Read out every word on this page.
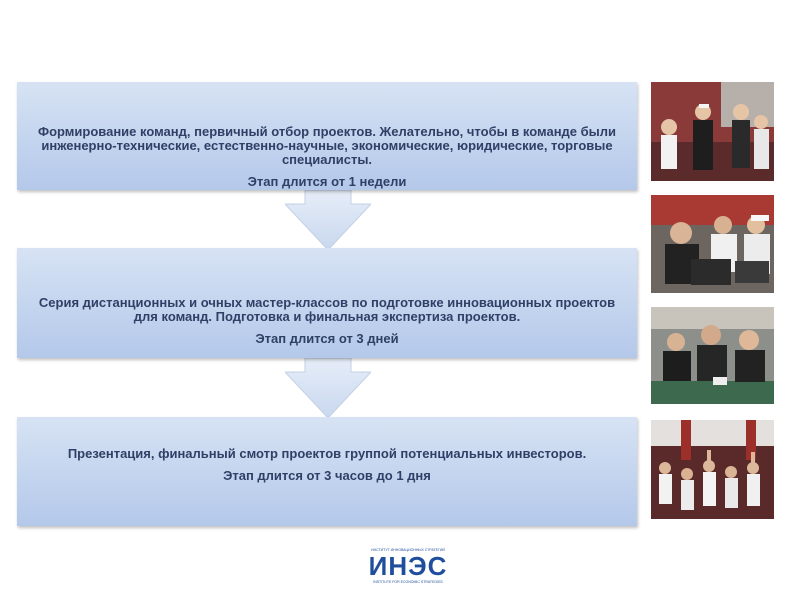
Формирование команд, первичный отбор проектов. Желательно, чтобы в команде были инженерно-технические, естественно-научные, экономические, юридические, торговые специалисты.
Этап длится от 1 недели
Серия дистанционных и очных мастер-классов по подготовке инновационных проектов для команд. Подготовка и финальная экспертиза проектов.
Этап длится от 3 дней
Презентация, финальный смотр проектов группой потенциальных инвесторов.
Этап длится от 3 часов до 1 дня
ИНСТИТУТ ИННОВАЦИОННЫХ СТРАТЕГИЙ
ИНЭС
INSTITUTE FOR ECONOMIC STRATEGIES
